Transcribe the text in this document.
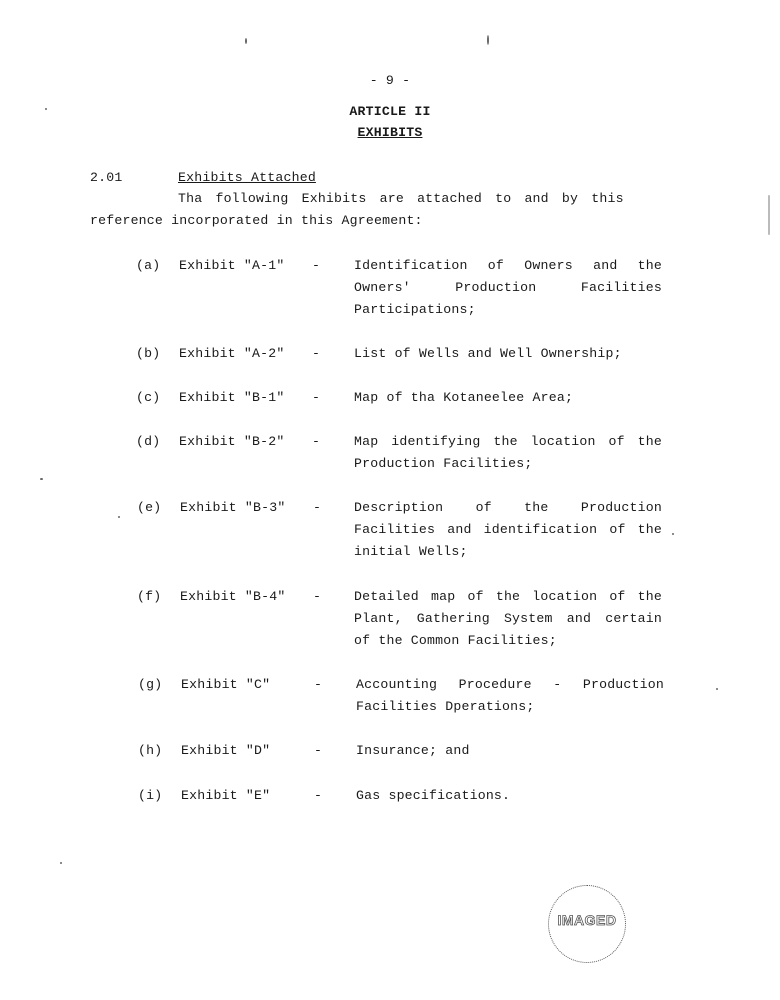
- 9 -
ARTICLE II
EXHIBITS
2.01	Exhibits Attached
Tha following Exhibits are attached to and by this
reference incorporated in this Agreement:
(a) Exhibit "A-1" -	Identification of Owners and the Owners' Production Facilities Participations;
(b) Exhibit "A-2" -	List of Wells and Well Ownership;
(c) Exhibit "B-1" -	Map of tha Kotaneelee Area;
(d) Exhibit "B-2" -	Map identifying the location of the Production Facilities;
(e) Exhibit "B-3" - Description of the Production Facilities and identification of the initial Wells;
(f) Exhibit "B-4" - Detailed map of the location of the Plant, Gathering System and certain of the Common Facilities;
(g) Exhibit "C"	-	Accounting Procedure - Production Facilities Dperations;
(h) Exhibit "D"	-	Insurance; and
(i) Exhibit "E"	-	Gas specifications.
IMAGED
